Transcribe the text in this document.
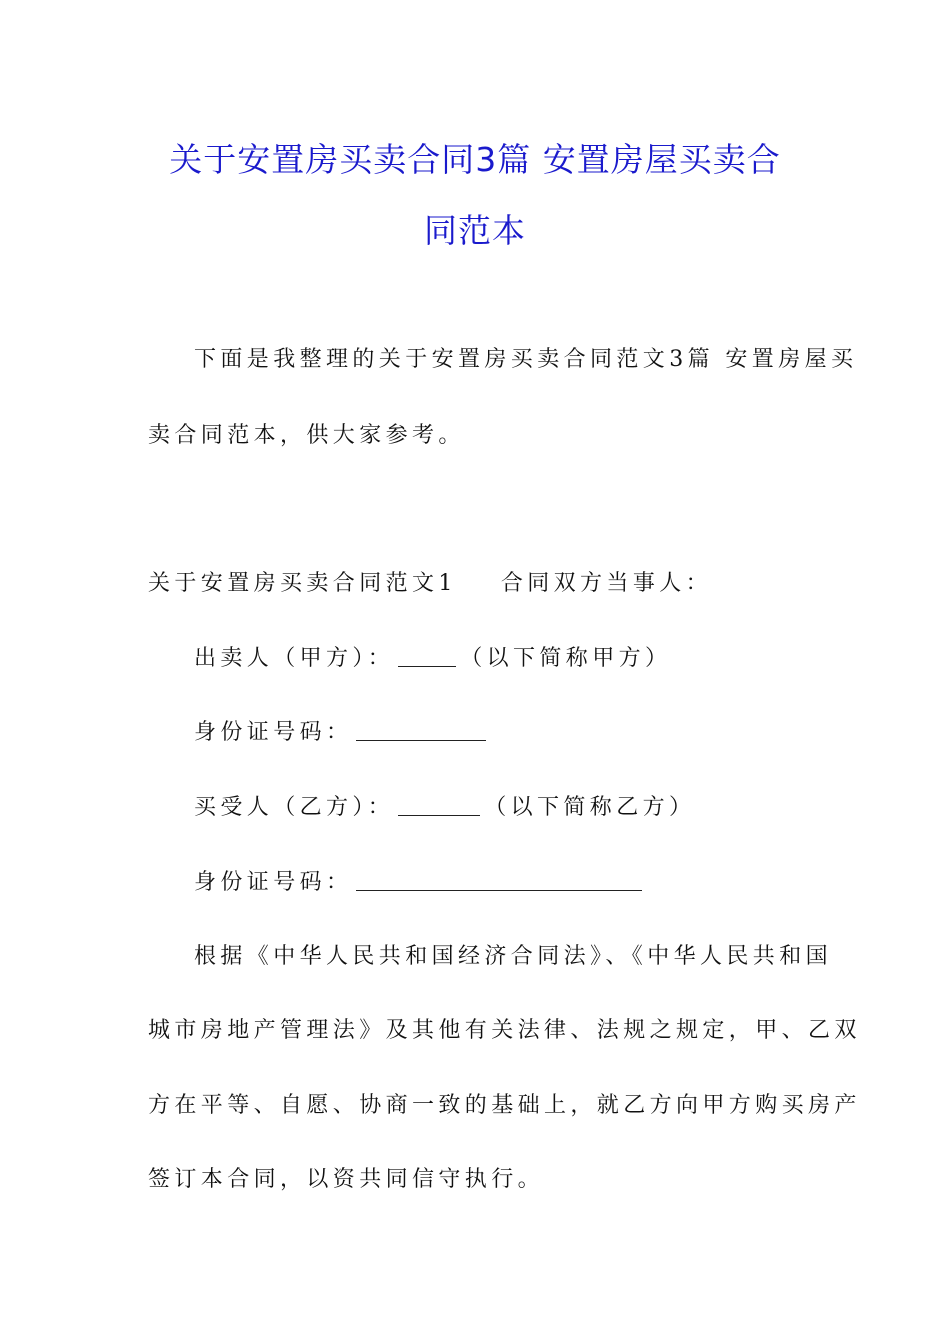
关于安置房买卖合同3篇 安置房屋买卖合
同范本
下面是我整理的关于安置房买卖合同范文3篇 安置房屋买
卖合同范本，供大家参考。
关于安置房买卖合同范文1 合同双方当事人：
出卖人（甲方）：	（以下简称甲方）
身份证号码：
买受人（乙方）：	（以下简称乙方）
身份证号码：
根据《中华人民共和国经济合同法》、《中华人民共和国
城市房地产管理法》及其他有关法律、法规之规定，甲、乙双
方在平等、自愿、协商一致的基础上，就乙方向甲方购买房产
签订本合同，以资共同信守执行。
